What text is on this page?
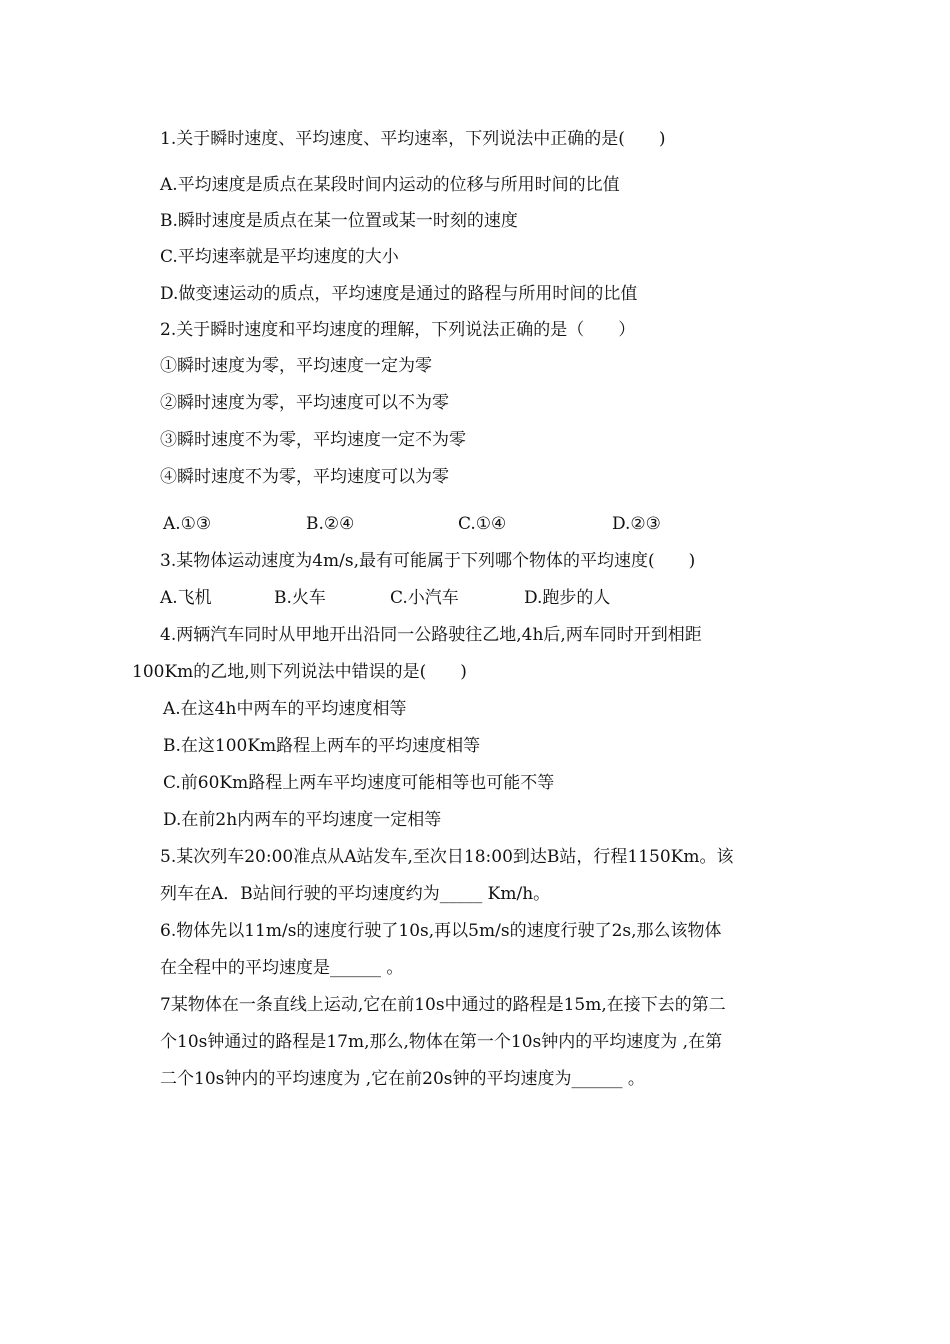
1.关于瞬时速度、平均速度、平均速率，下列说法中正确的是(　　)
A.平均速度是质点在某段时间内运动的位移与所用时间的比值
B.瞬时速度是质点在某一位置或某一时刻的速度
C.平均速率就是平均速度的大小
D.做变速运动的质点，平均速度是通过的路程与所用时间的比值
2.关于瞬时速度和平均速度的理解，下列说法正确的是（　　）
①瞬时速度为零，平均速度一定为零
②瞬时速度为零，平均速度可以不为零
③瞬时速度不为零，平均速度一定不为零
④瞬时速度不为零，平均速度可以为零
A.①③	B.②④	C.①④	D.②③
3.某物体运动速度为4m/s,最有可能属于下列哪个物体的平均速度(　　)
A.飞机	B.火车	C.小汽车	D.跑步的人
4.两辆汽车同时从甲地开出沿同一公路驶往乙地,4h后,两车同时开到相距
100Km的乙地,则下列说法中错误的是(　　)
A.在这4h中两车的平均速度相等
B.在这100Km路程上两车的平均速度相等
C.前60Km路程上两车平均速度可能相等也可能不等
D.在前2h内两车的平均速度一定相等
5.某次列车20:00准点从A站发车,至次日18:00到达B站，行程1150Km。该
列车在A．B站间行驶的平均速度约为_____ Km/h。
6.物体先以11m/s的速度行驶了10s,再以5m/s的速度行驶了2s,那么该物体
在全程中的平均速度是______ 。
7某物体在一条直线上运动,它在前10s中通过的路程是15m,在接下去的第二
个10s钟通过的路程是17m,那么,物体在第一个10s钟内的平均速度为 ,在第
二个10s钟内的平均速度为 ,它在前20s钟的平均速度为______ 。
